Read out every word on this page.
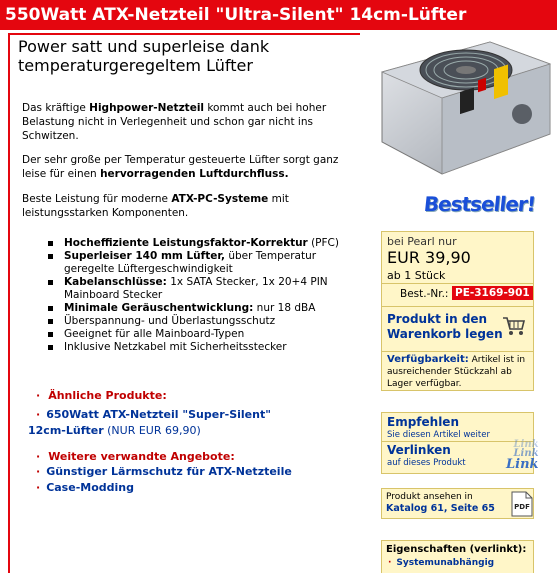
550Watt ATX-Netzteil "Ultra-Silent" 14cm-Lüfter
Power satt und superleise dank temperaturgeregeltem Lüfter
Das kräftige Highpower-Netzteil kommt auch bei hoher Belastung nicht in Verlegenheit und schon gar nicht ins Schwitzen.
Der sehr große per Temperatur gesteuerte Lüfter sorgt ganz leise für einen hervorragenden Luftdurchfluss.
Beste Leistung für moderne ATX-PC-Systeme mit leistungsstarken Komponenten.
Hocheffiziente Leistungsfaktor-Korrektur (PFC)
Superleiser 140 mm Lüfter, über Temperatur geregelte Lüftergeschwindigkeit
Kabelanschlüsse: 1x SATA Stecker, 1x 20+4 PIN Mainboard Stecker
Minimale Geräuschentwicklung: nur 18 dBA
Überspannung- und Überlastungsschutz
Geeignet für alle Mainboard-Typen
Inklusive Netzkabel mit Sicherheitsstecker
· Ähnliche Produkte:
· 650Watt ATX-Netzteil "Super-Silent"
12cm-Lüfter (NUR EUR 69,90)
· Weitere verwandte Angebote:
· Günstiger Lärmschutz für ATX-Netzteile
· Case-Modding
Bestseller!
bei Pearl nur
EUR 39,90
ab 1 Stück
Best.-Nr.: PE-3169-901
Produkt in den
Warenkorb legen
Verfügbarkeit: Artikel ist in ausreichender Stückzahl ab Lager verfügbar.
Empfehlen
Sie diesen Artikel weiter
Verlinken
auf dieses Produkt
Link
Link
Link
Produkt ansehen in
Katalog 61, Seite 65	PDF
Eigenschaften (verlinkt):
· Systemunabhängig
